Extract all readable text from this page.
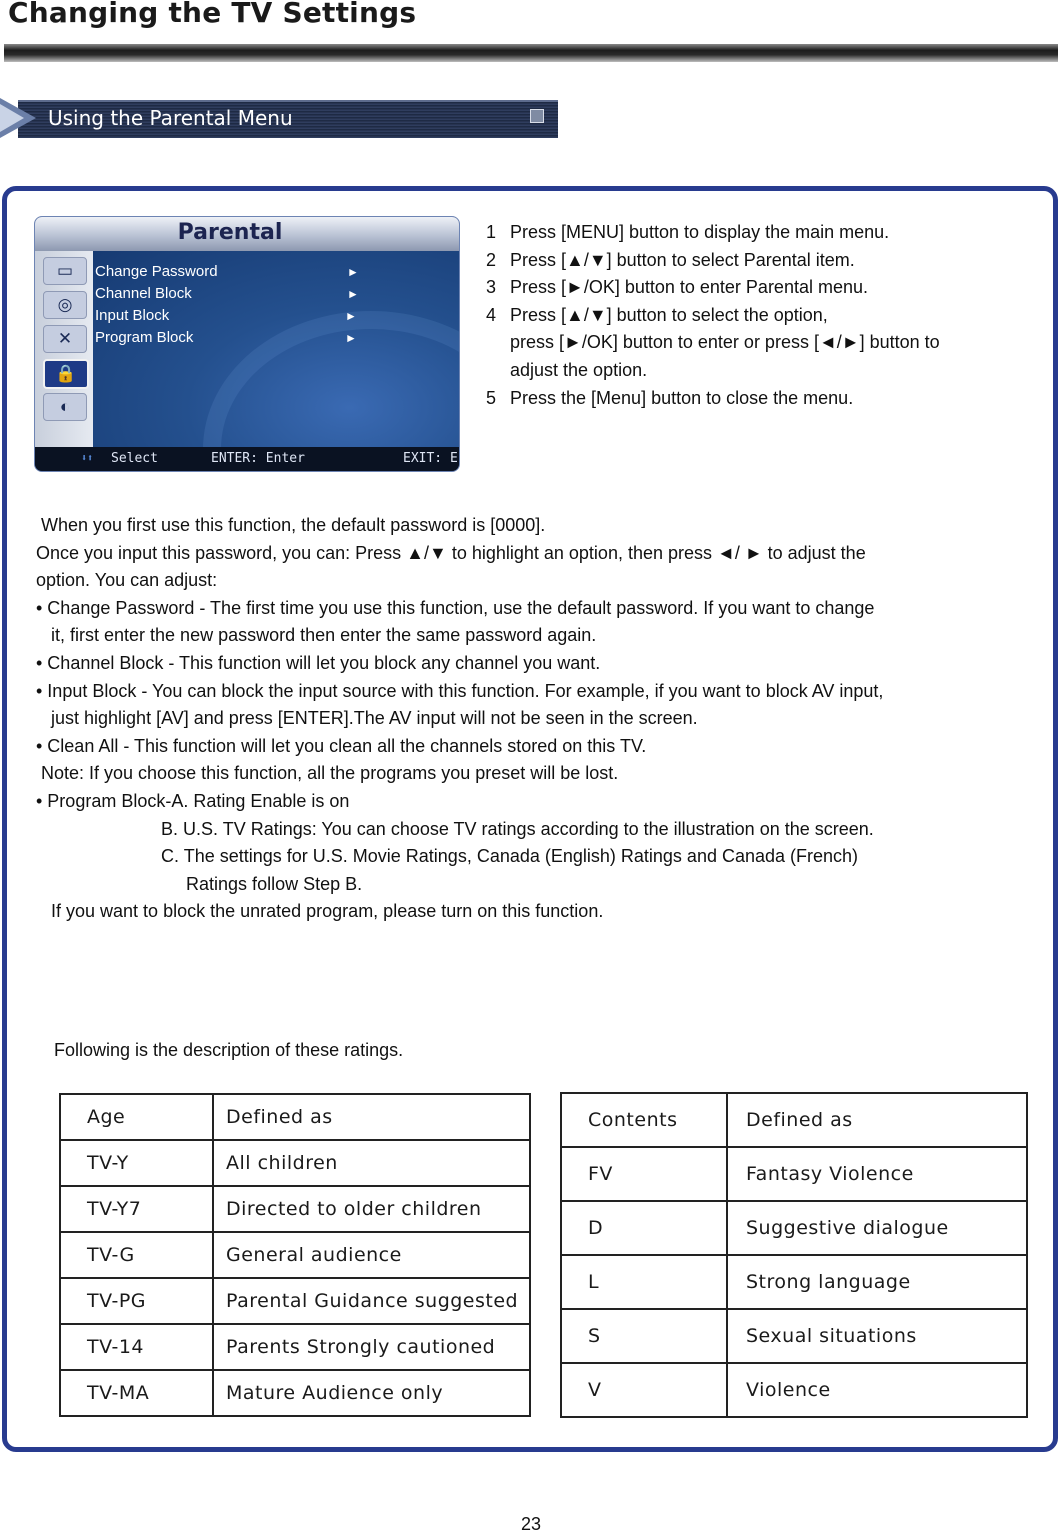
Changing the TV Settings
Using the Parental Menu
Parental
▭
◎
✕
🔒
◐
Change Password	►
Channel Block	►
Input Block	►
Program Block	►
⬇⬆ Select	ENTER: Enter	EXIT: E
1 Press [MENU] button to display the main menu.
2 Press [▲/▼] button to select Parental item.
3 Press [►/OK] button to enter Parental menu.
4 Press [▲/▼] button to select the option,
press [►/OK] button to enter or press [◄/►] button to
adjust the option.
5 Press the [Menu] button to close the menu.
When you first use this function, the default password is [0000].
Once you input this password, you can: Press ▲/▼ to highlight an option, then press ◄/ ► to adjust the
option. You can adjust:
• Change Password - The first time you use this function, use the default password. If you want to change
it, first enter the new password then enter the same password again.
• Channel Block - This function will let you block any channel you want.
• Input Block - You can block the input source with this function. For example, if you want to block AV input,
just highlight [AV] and press [ENTER].The AV input will not be seen in the screen.
• Clean All - This function will let you clean all the channels stored on this TV.
Note: If you choose this function, all the programs you preset will be lost.
• Program Block-A. Rating Enable is on
B. U.S. TV Ratings: You can choose TV ratings according to the illustration on the screen.
C. The settings for U.S. Movie Ratings, Canada (English) Ratings and Canada (French)
Ratings follow Step B.
If you want to block the unrated program, please turn on this function.
Following is the description of these ratings.
Age	Defined as
TV-Y	All children
TV-Y7	Directed to older children
TV-G	General audience
TV-PG	Parental Guidance suggested
TV-14	Parents Strongly cautioned
TV-MA	Mature Audience only
Contents	Defined as
FV	Fantasy Violence
D	Suggestive dialogue
L	Strong language
S	Sexual situations
V	Violence
23
